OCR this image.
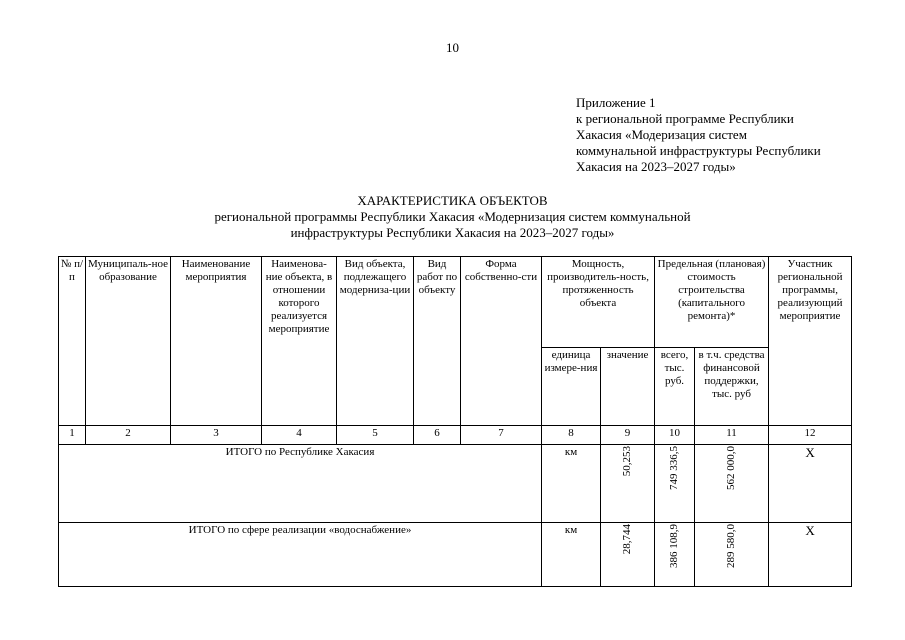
10
Приложение 1
к региональной программе Республики
Хакасия «Модеризация систем
коммунальной инфраструктуры Республики
Хакасия на 2023–2027 годы»
ХАРАКТЕРИСТИКА ОБЪЕКТОВ
региональной программы Республики Хакасия «Модернизация систем коммунальной
инфраструктуры Республики Хакасия на 2023–2027 годы»
№ п/п	Муниципаль-ное образование	Наименование мероприятия	Наименова-ние объекта, в отношении которого реализуется мероприятие	Вид объекта, подлежащего модерниза-ции	Вид работ по объекту	Форма собственно-сти	Мощность, производитель-ность, протяженность объекта		Предельная (плановая) стоимость строительства (капитального ремонта)*		Участник региональной программы, реализующий мероприятие
							единица измере-ния	значение	всего, тыс. руб.	в т.ч. средства финансовой поддержки, тыс. руб	
1	2	3	4	5	6	7	8	9	10	11	12
ИТОГО по Республике Хакасия							км	50,253	749 336,5	562 000,0	X
ИТОГО по сфере реализации «водоснабжение»							км	28,744	386 108,9	289 580,0	X
